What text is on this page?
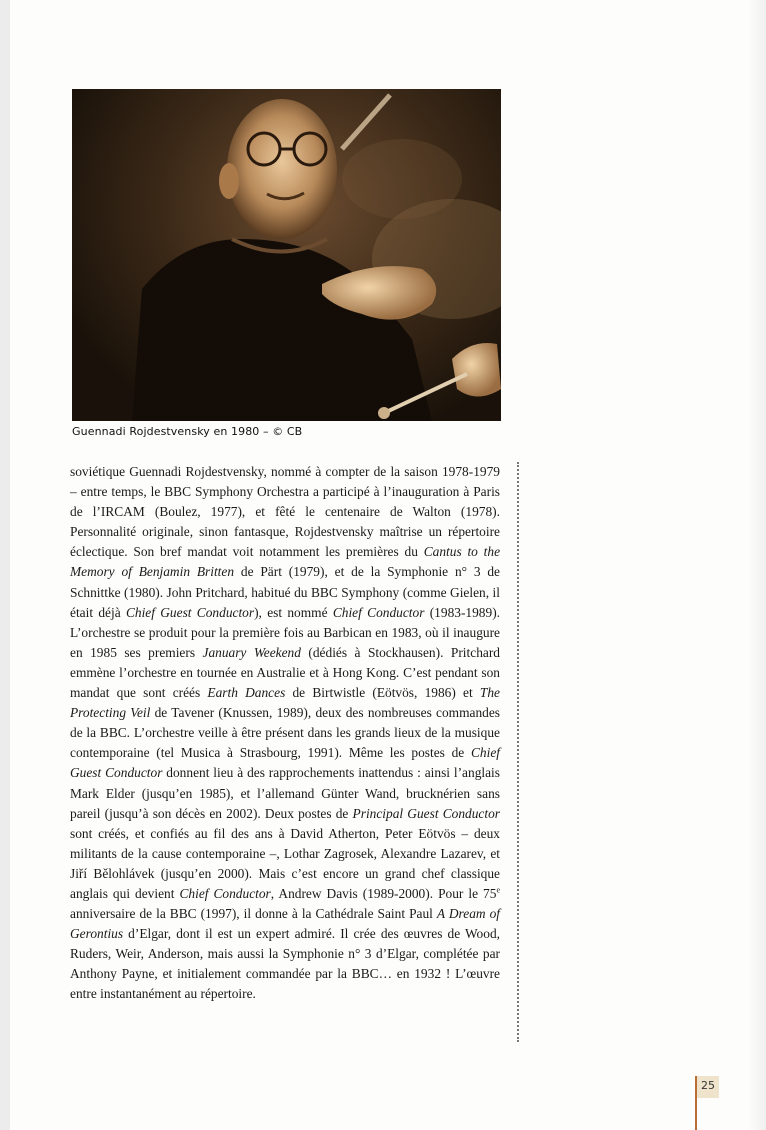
Guennadi Rojdestvensky en 1980 – © CB

soviétique Guennadi Rojdestvensky, nommé à compter de la saison 1978-1979 – entre temps, le BBC Symphony Orchestra a participé à l’inauguration à Paris de l’IRCAM (Boulez, 1977), et fêté le centenaire de Walton (1978). Personnalité originale, sinon fantasque, Rojdestvensky maîtrise un répertoire éclectique. Son bref mandat voit notamment les premières du Cantus to the Memory of Benjamin Britten de Pärt (1979), et de la Symphonie n° 3 de Schnittke (1980). John Pritchard, habitué du BBC Symphony (comme Gielen, il était déjà Chief Guest Conductor), est nommé Chief Conductor (1983-1989). L’orchestre se produit pour la première fois au Barbican en 1983, où il inaugure en 1985 ses premiers January Weekend (dédiés à Stockhausen). Pritchard emmène l’orchestre en tournée en Australie et à Hong Kong. C’est pendant son mandat que sont créés Earth Dances de Birtwistle (Eötvös, 1986) et The Protecting Veil de Tavener (Knussen, 1989), deux des nombreuses commandes de la BBC. L’orchestre veille à être présent dans les grands lieux de la musique contemporaine (tel Musica à Strasbourg, 1991). Même les postes de Chief Guest Conductor donnent lieu à des rapprochements inattendus : ainsi l’anglais Mark Elder (jusqu’en 1985), et l’allemand Günter Wand, brucknérien sans pareil (jusqu’à son décès en 2002). Deux postes de Principal Guest Conductor sont créés, et confiés au fil des ans à David Atherton, Peter Eötvös – deux militants de la cause contemporaine –, Lothar Zagrosek, Alexandre Lazarev, et Jiří Bělohlávek (jusqu’en 2000). Mais c’est encore un grand chef classique anglais qui devient Chief Conductor, Andrew Davis (1989-2000). Pour le 75e anniversaire de la BBC (1997), il donne à la Cathédrale Saint Paul A Dream of Gerontius d’Elgar, dont il est un expert admiré. Il crée des œuvres de Wood, Ruders, Weir, Anderson, mais aussi la Symphonie n° 3 d’Elgar, complétée par Anthony Payne, et initialement commandée par la BBC… en 1932 ! L’œuvre entre instantanément au répertoire.

25
